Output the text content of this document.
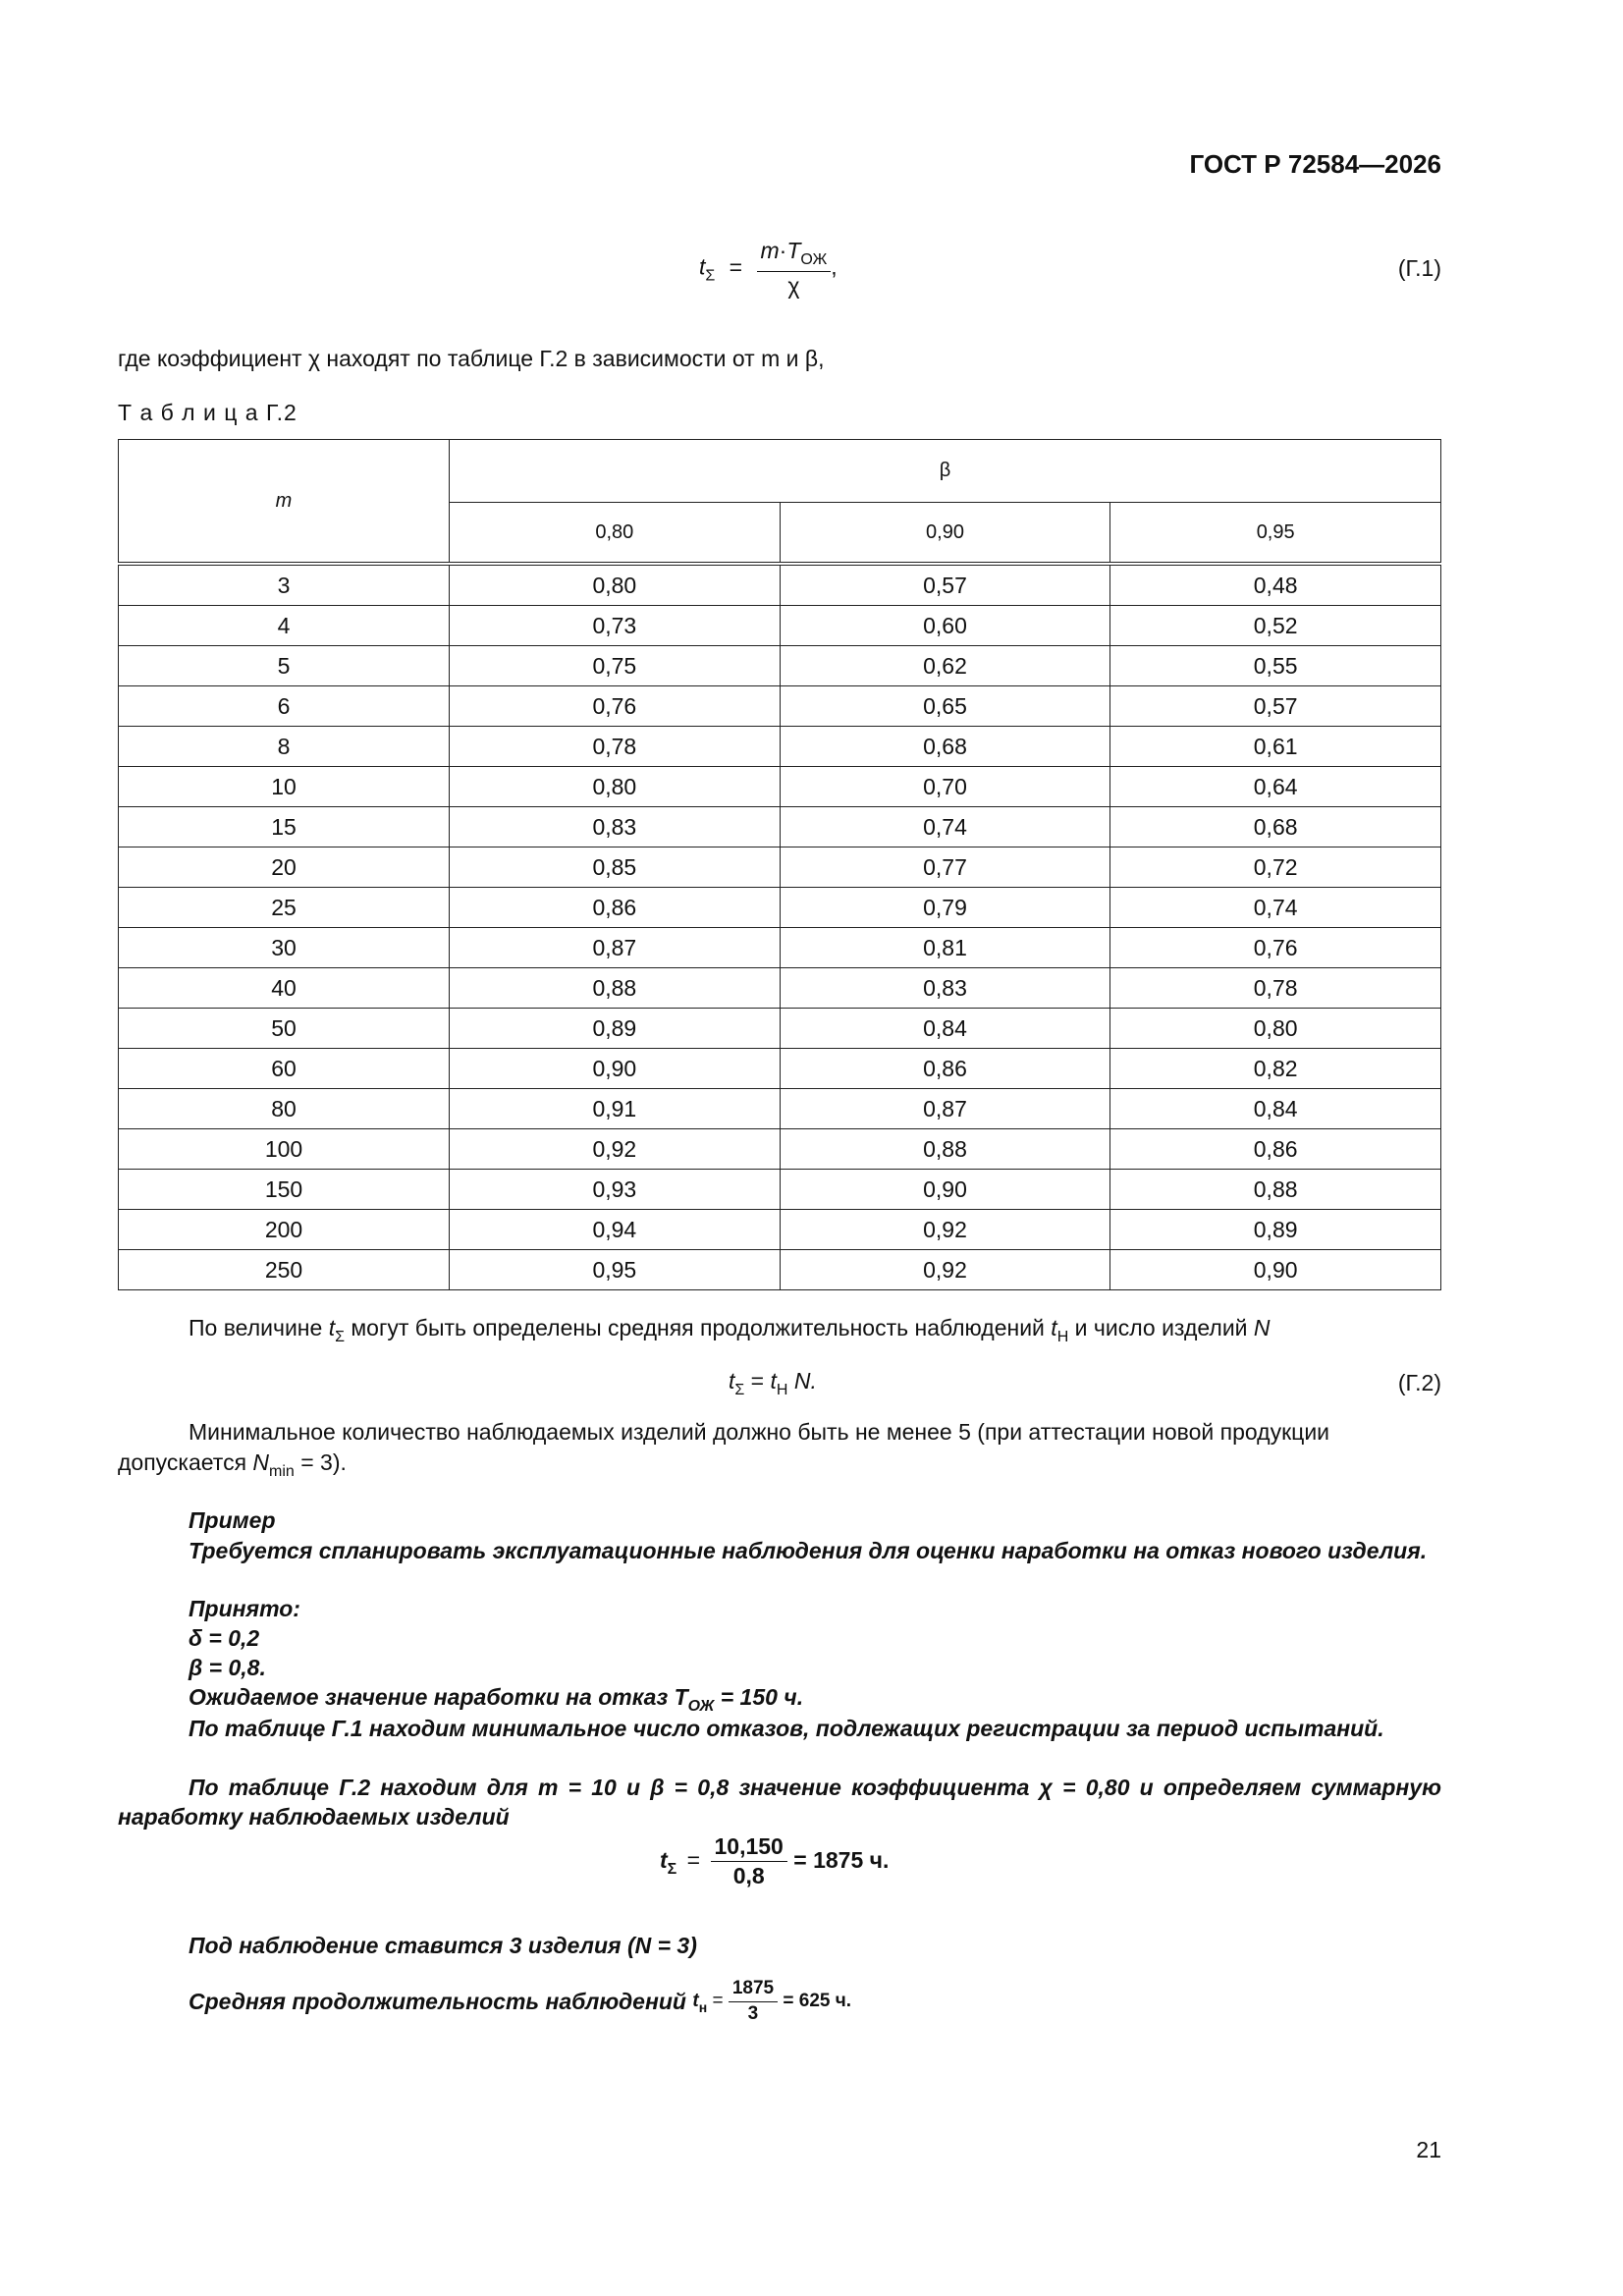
ГОСТ Р 72584—2026
$t_\Sigma = \frac{m\cdot T_{ОЖ}}{\chi}$ ,	(Г.1)
где коэффициент χ находят по таблице Г.2 в зависимости от m и β,
Т а б л и ц а Г.2
m	β		
	0,80	0,90	0,95
3	0,80	0,57	0,48
4	0,73	0,60	0,52
5	0,75	0,62	0,55
6	0,76	0,65	0,57
8	0,78	0,68	0,61
10	0,80	0,70	0,64
15	0,83	0,74	0,68
20	0,85	0,77	0,72
25	0,86	0,79	0,74
30	0,87	0,81	0,76
40	0,88	0,83	0,78
50	0,89	0,84	0,80
60	0,90	0,86	0,82
80	0,91	0,87	0,84
100	0,92	0,88	0,86
150	0,93	0,90	0,88
200	0,94	0,92	0,89
250	0,95	0,92	0,90
По величине $t_\Sigma$ могут быть определены средняя продолжительность наблюдений $t_Н$ и число изделий N
$t_\Sigma = t_Н$ N.	(Г.2)
Минимальное количество наблюдаемых изделий должно быть не менее 5 (при аттестации новой продукции допускается $N_{min} = 3$).
Пример
Требуется спланировать эксплуатационные наблюдения для оценки наработки на отказ нового изделия.
Принято:
δ = 0,2
β = 0,8.
Ожидаемое значение наработки на отказ $T_{ОЖ} = 150$ ч.
По таблице Г.1 находим минимальное число отказов, подлежащих регистрации за период испытаний.
По таблице Г.2 находим для m = 10 и β = 0,8 значение коэффициента χ = 0,80 и определяем суммарную наработку наблюдаемых изделий
$t_\Sigma = \frac{10,150}{0,8} = 1875$ ч.
Под наблюдение ставится 3 изделия (N = 3)
Средняя продолжительность наблюдений $t_н = \frac{1875}{3} = 625$ ч.
21
